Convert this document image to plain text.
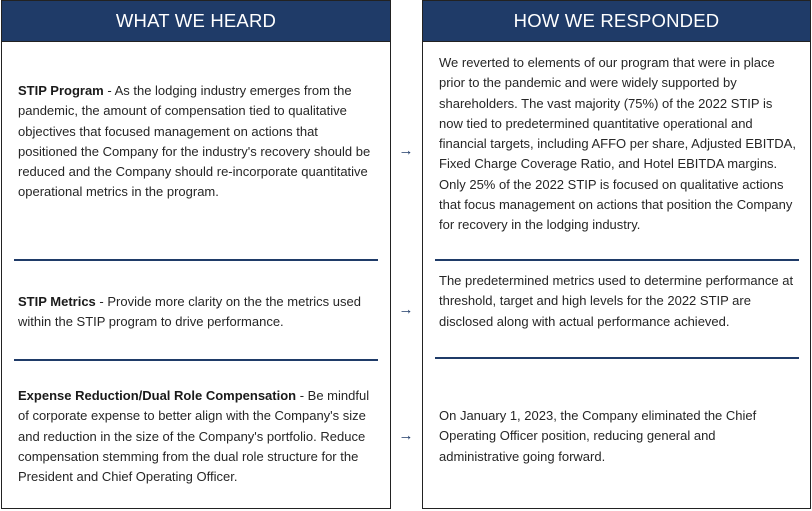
WHAT WE HEARD
STIP Program - As the lodging industry emerges from the pandemic, the amount of compensation tied to qualitative objectives that focused management on actions that positioned the Company for the industry's recovery should be reduced and the Company should re-incorporate quantitative operational metrics in the program.
STIP Metrics - Provide more clarity on the the metrics used within the STIP program to drive performance.
Expense Reduction/Dual Role Compensation - Be mindful of corporate expense to better align with the Company's size and reduction in the size of the Company's portfolio. Reduce compensation stemming from the dual role structure for the President and Chief Operating Officer.
→
→
→
HOW WE RESPONDED
We reverted to elements of our program that were in place prior to the pandemic and were widely supported by shareholders. The vast majority (75%) of the 2022 STIP is now tied to predetermined quantitative operational and financial targets, including AFFO per share, Adjusted EBITDA, Fixed Charge Coverage Ratio, and Hotel EBITDA margins. Only 25% of the 2022 STIP is focused on qualitative actions that focus management on actions that position the Company for recovery in the lodging industry.
The predetermined metrics used to determine performance at threshold, target and high levels for the 2022 STIP are disclosed along with actual performance achieved.
On January 1, 2023, the Company eliminated the Chief Operating Officer position, reducing general and administrative going forward.
